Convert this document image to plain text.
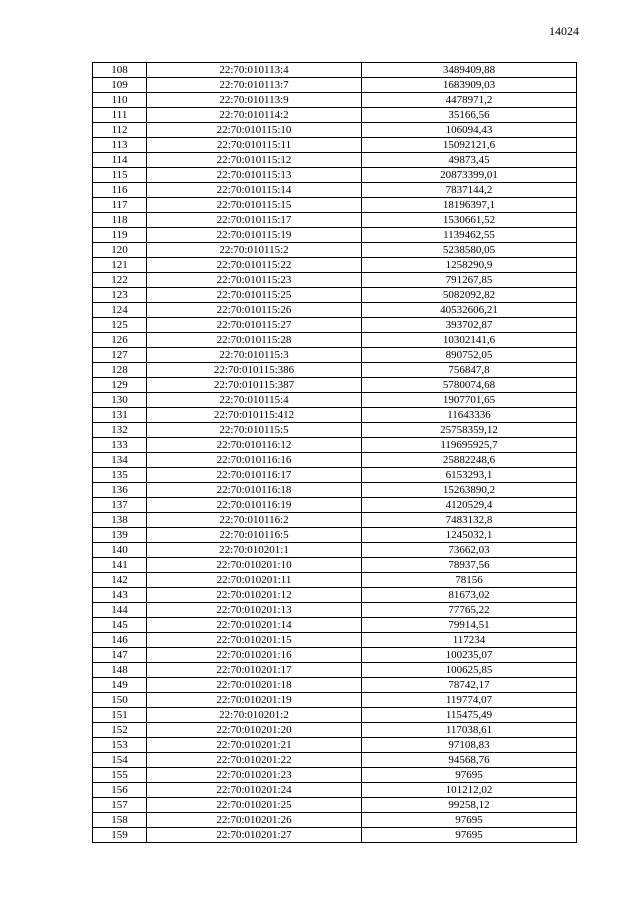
14024
108	22:70:010113:4	3489409,88
109	22:70:010113:7	1683909,03
110	22:70:010113:9	4478971,2
111	22:70:010114:2	35166,56
112	22:70:010115:10	106094,43
113	22:70:010115:11	15092121,6
114	22:70:010115:12	49873,45
115	22:70:010115:13	20873399,01
116	22:70:010115:14	7837144,2
117	22:70:010115:15	18196397,1
118	22:70:010115:17	1530661,52
119	22:70:010115:19	1139462,55
120	22:70:010115:2	5238580,05
121	22:70:010115:22	1258290,9
122	22:70:010115:23	791267,85
123	22:70:010115:25	5082092,82
124	22:70:010115:26	40532606,21
125	22:70:010115:27	393702,87
126	22:70:010115:28	10302141,6
127	22:70:010115:3	890752,05
128	22:70:010115:386	756847,8
129	22:70:010115:387	5780074,68
130	22:70:010115:4	1907701,65
131	22:70:010115:412	11643336
132	22:70:010115:5	25758359,12
133	22:70:010116:12	119695925,7
134	22:70:010116:16	25882248,6
135	22:70:010116:17	6153293,1
136	22:70:010116:18	15263890,2
137	22:70:010116:19	4120529,4
138	22:70:010116:2	7483132,8
139	22:70:010116:5	1245032,1
140	22:70:010201:1	73662,03
141	22:70:010201:10	78937,56
142	22:70:010201:11	78156
143	22:70:010201:12	81673,02
144	22:70:010201:13	77765,22
145	22:70:010201:14	79914,51
146	22:70:010201:15	117234
147	22:70:010201:16	100235,07
148	22:70:010201:17	100625,85
149	22:70:010201:18	78742,17
150	22:70:010201:19	119774,07
151	22:70:010201:2	115475,49
152	22:70:010201:20	117038,61
153	22:70:010201:21	97108,83
154	22:70:010201:22	94568,76
155	22:70:010201:23	97695
156	22:70:010201:24	101212,02
157	22:70:010201:25	99258,12
158	22:70:010201:26	97695
159	22:70:010201:27	97695
